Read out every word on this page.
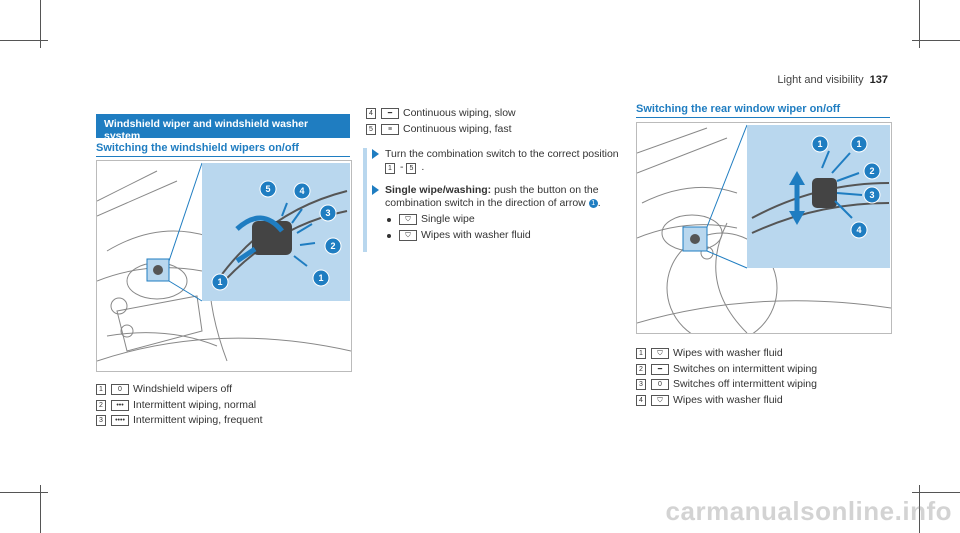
Light and visibility 137
Windshield wiper and windshield washer system
Switching the windshield wipers on/off
5	4
3
2
1
1
1	0	Windshield wipers off
2	••• Intermittent wiping, normal
3	•••• Intermittent wiping, frequent
4	━	Continuous wiping, slow
5	≡	Continuous wiping, fast
Turn the combination switch to the correct position 1 - 5 .
Single wipe/washing: push the button on the combination switch in the direction of arrow 1 .
⛉ Single wipe
⛉ Wipes with washer fluid
Switching the rear window wiper on/off
1	1
2
3
4
1	⛉ Wipes with washer fluid
2	━	Switches on intermittent wiping
3	0	Switches off intermittent wiping
4	⛉ Wipes with washer fluid
carmanualsonline.info
